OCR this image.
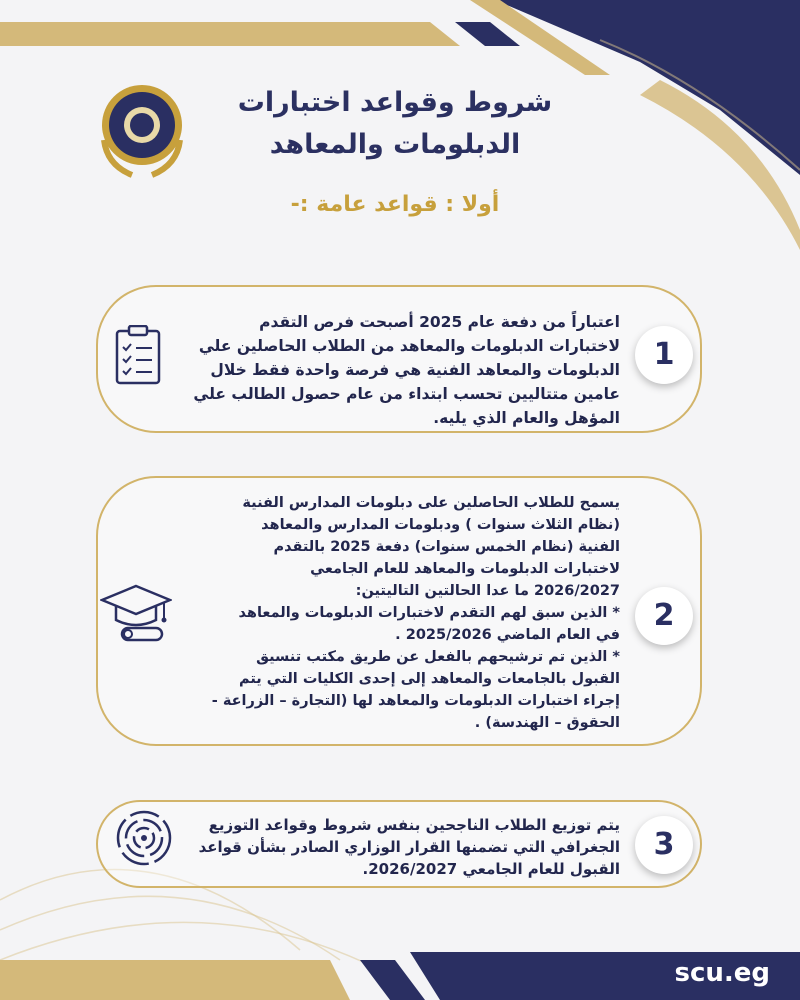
شروط وقواعد اختبارات
الدبلومات والمعاهد
أولا : قواعد عامة :-
اعتباراً من دفعة عام 2025 أصبحت فرص التقدم
لاختبارات الدبلومات والمعاهد من الطلاب الحاصلين علي
الدبلومات والمعاهد الفنية هي فرصة واحدة فقط خلال
عامين متتاليين تحسب ابتداء من عام حصول الطالب علي
المؤهل والعام الذي يليه.
1
يسمح للطلاب الحاصلين على دبلومات المدارس الفنية
(نظام الثلاث سنوات ) ودبلومات المدارس والمعاهد
الفنية (نظام الخمس سنوات) دفعة 2025 بالتقدم
لاختبارات الدبلومات والمعاهد للعام الجامعي
2026/2027 ما عدا الحالتين التاليتين:
* الذين سبق لهم التقدم لاختبارات الدبلومات والمعاهد
في العام الماضي 2025/2026 .
* الذين تم ترشيحهم بالفعل عن طريق مكتب تنسيق
القبول بالجامعات والمعاهد إلى إحدى الكليات التي يتم
إجراء اختبارات الدبلومات والمعاهد لها (التجارة – الزراعة -
الحقوق – الهندسة) .
2
يتم توزيع الطلاب الناجحين بنفس شروط وقواعد التوزيع
الجغرافي التي تضمنها القرار الوزاري الصادر بشأن قواعد
القبول للعام الجامعي 2026/2027.
3
scu.eg
